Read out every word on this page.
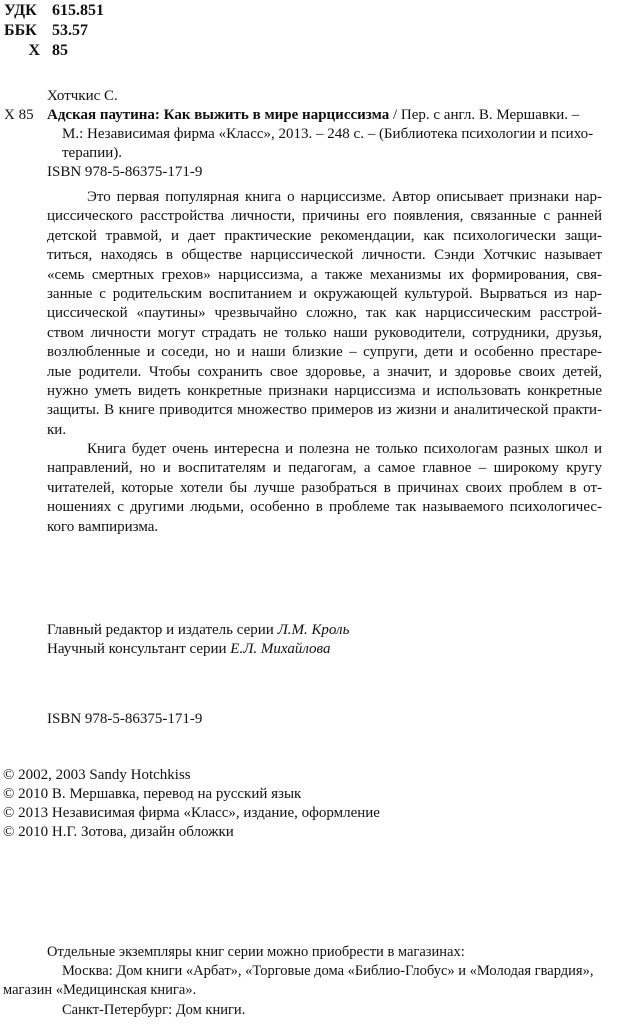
УДК 615.851
ББК 53.57
Х 85
Хотчкис С.
Х 85 Адская паутина: Как выжить в мире нарциссизма / Пер. с англ. В. Мершавки. –
М.: Независимая фирма «Класс», 2013. – 248 с. – (Библиотека психологии и психо-
терапии).
ISBN 978-5-86375-171-9
Это первая популярная книга о нарциссизме. Автор описывает признаки нар-
циссического расстройства личности, причины его появления, связанные с ранней
детской травмой, и дает практические рекомендации, как психологически защи-
титься, находясь в обществе нарциссической личности. Сэнди Хотчкис называет
«семь смертных грехов» нарциссизма, а также механизмы их формирования, свя-
занные с родительским воспитанием и окружающей культурой. Вырваться из нар-
циссической «паутины» чрезвычайно сложно, так как нарциссическим расстрой-
ством личности могут страдать не только наши руководители, сотрудники, друзья,
возлюбленные и соседи, но и наши близкие – супруги, дети и особенно престаре-
лые родители. Чтобы сохранить свое здоровье, а значит, и здоровье своих детей,
нужно уметь видеть конкретные признаки нарциссизма и использовать конкретные
защиты. В книге приводится множество примеров из жизни и аналитической практи-
ки.
Книга будет очень интересна и полезна не только психологам разных школ и
направлений, но и воспитателям и педагогам, а самое главное – широкому кругу
читателей, которые хотели бы лучше разобраться в причинах своих проблем в от-
ношениях с другими людьми, особенно в проблеме так называемого психологичес-
кого вампиризма.
Главный редактор и издатель серии Л.М. Кроль
Научный консультант серии Е.Л. Михайлова
ISBN 978-5-86375-171-9
© 2002, 2003 Sandy Hotchkiss
© 2010 В. Мершавка, перевод на русский язык
© 2013 Независимая фирма «Класс», издание, оформление
© 2010 Н.Г. Зотова, дизайн обложки
Отдельные экземпляры книг серии можно приобрести в магазинах:
Москва: Дом книги «Арбат», «Торговые дома «Библио-Глобус» и «Молодая гвардия»,
магазин «Медицинская книга».
Санкт-Петербург: Дом книги.
